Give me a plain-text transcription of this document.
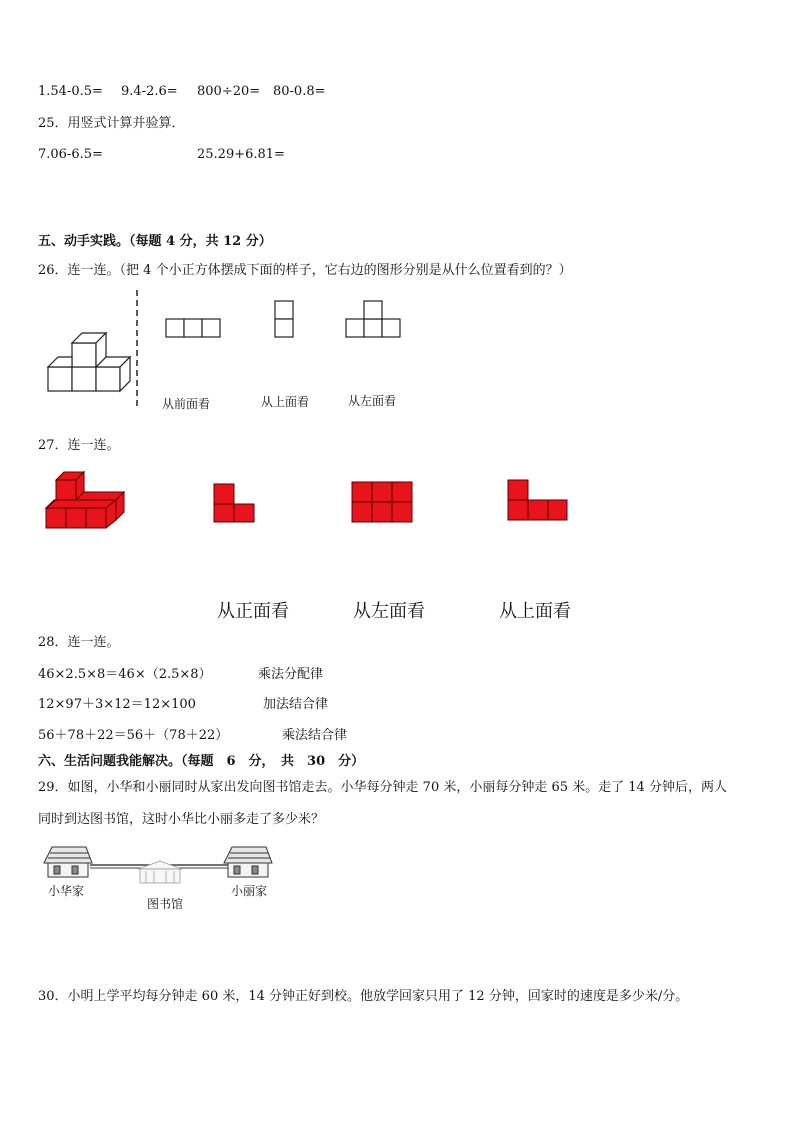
1.54-0.5= 9.4-2.6= 800÷20= 80-0.8=
25．用竖式计算并验算．
7.06-6.5=	25.29+6.81=
五、动手实践。（每题 4 分，共 12 分）
26．连一连。（把 4 个小正方体摆成下面的样子，它右边的图形分别是从什么位置看到的？）
从前面看	从上面看	从左面看
27．连一连。
从正面看	从左面看	从上面看
28．连一连。
46×2.5×8＝46×（2.5×8）	乘法分配律
12×97＋3×12＝12×100	加法结合律
56＋78＋22＝56＋（78＋22）	乘法结合律
六、生活问题我能解决。（每题　6　分，　共　30　分）
29．如图，小华和小丽同时从家出发向图书馆走去。小华每分钟走 70 米，小丽每分钟走 65 米。走了 14 分钟后，两人
同时到达图书馆，这时小华比小丽多走了多少米？
小华家
图书馆
小丽家
30．小明上学平均每分钟走 60 米，14 分钟正好到校。他放学回家只用了 12 分钟，回家时的速度是多少米/分。
